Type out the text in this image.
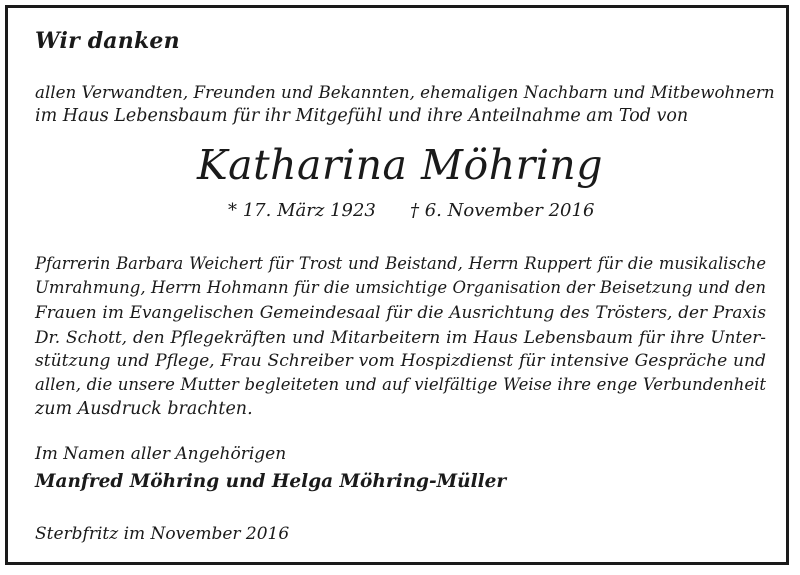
Wir danken
allen Verwandten, Freunden und Bekannten, ehemaligen Nachbarn und Mitbewohnern
im Haus Lebensbaum für ihr Mitgefühl und ihre Anteilnahme am Tod von
Katharina Möhring
* 17. März 1923 † 6. November 2016
Pfarrerin Barbara Weichert für Trost und Beistand, Herrn Ruppert für die musikalische
Umrahmung, Herrn Hohmann für die umsichtige Organisation der Beisetzung und den
Frauen im Evangelischen Gemeindesaal für die Ausrichtung des Trösters, der Praxis
Dr. Schott, den Pflegekräften und Mitarbeitern im Haus Lebensbaum für ihre Unter-
stützung und Pflege, Frau Schreiber vom Hospizdienst für intensive Gespräche und
allen, die unsere Mutter begleiteten und auf vielfältige Weise ihre enge Verbundenheit
zum Ausdruck brachten.
Im Namen aller Angehörigen
Manfred Möhring und Helga Möhring-Müller
Sterbfritz im November 2016
